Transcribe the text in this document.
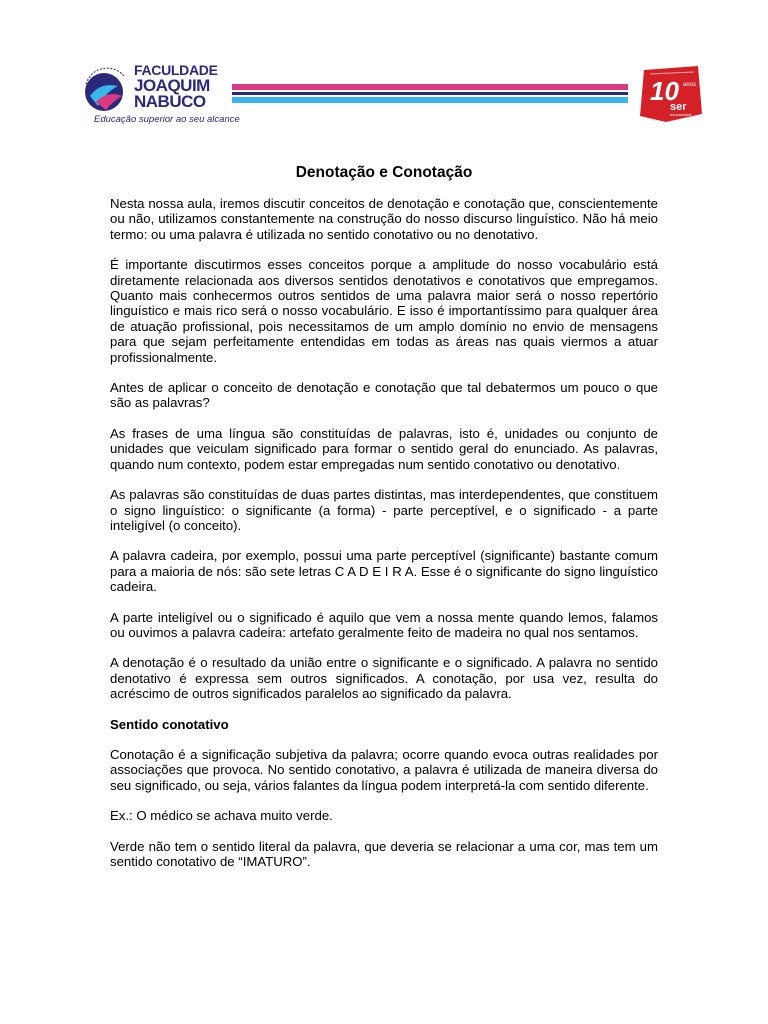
FACULDADE
JOAQUIM
NABUCO
Educação superior ao seu alcance
10 anos
ser
educacional
Denotação e Conotação

Nesta nossa aula, iremos discutir conceitos de denotação e conotação que, conscientemente ou não, utilizamos constantemente na construção do nosso discurso linguístico. Não há meio termo: ou uma palavra é utilizada no sentido conotativo ou no denotativo.

É importante discutirmos esses conceitos porque a amplitude do nosso vocabulário está diretamente relacionada aos diversos sentidos denotativos e conotativos que empregamos. Quanto mais conhecermos outros sentidos de uma palavra maior será o nosso repertório linguístico e mais rico será o nosso vocabulário. E isso é importantíssimo para qualquer área de atuação profissional, pois necessitamos de um amplo domínio no envio de mensagens para que sejam perfeitamente entendidas em todas as áreas nas quais viermos a atuar profissionalmente.

Antes de aplicar o conceito de denotação e conotação que tal debatermos um pouco o que são as palavras?

As frases de uma língua são constituídas de palavras, isto é, unidades ou conjunto de unidades que veiculam significado para formar o sentido geral do enunciado. As palavras, quando num contexto, podem estar empregadas num sentido conotativo ou denotativo.

As palavras são constituídas de duas partes distintas, mas interdependentes, que constituem o signo linguístico: o significante (a forma) - parte perceptível, e o significado - a parte inteligível (o conceito).

A palavra cadeira, por exemplo, possui uma parte perceptível (significante) bastante comum para a maioria de nós: são sete letras C A D E I R A. Esse é o significante do signo linguístico cadeira.

A parte inteligível ou o significado é aquilo que vem a nossa mente quando lemos, falamos ou ouvimos a palavra cadeira: artefato geralmente feito de madeira no qual nos sentamos.

A denotação é o resultado da união entre o significante e o significado. A palavra no sentido denotativo é expressa sem outros significados. A conotação, por usa vez, resulta do acréscimo de outros significados paralelos ao significado da palavra.

Sentido conotativo

Conotação é a significação subjetiva da palavra; ocorre quando evoca outras realidades por associações que provoca. No sentido conotativo, a palavra é utilizada de maneira diversa do seu significado, ou seja, vários falantes da língua podem interpretá-la com sentido diferente.

Ex.: O médico se achava muito verde.

Verde não tem o sentido literal da palavra, que deveria se relacionar a uma cor, mas tem um sentido conotativo de “IMATURO”.
